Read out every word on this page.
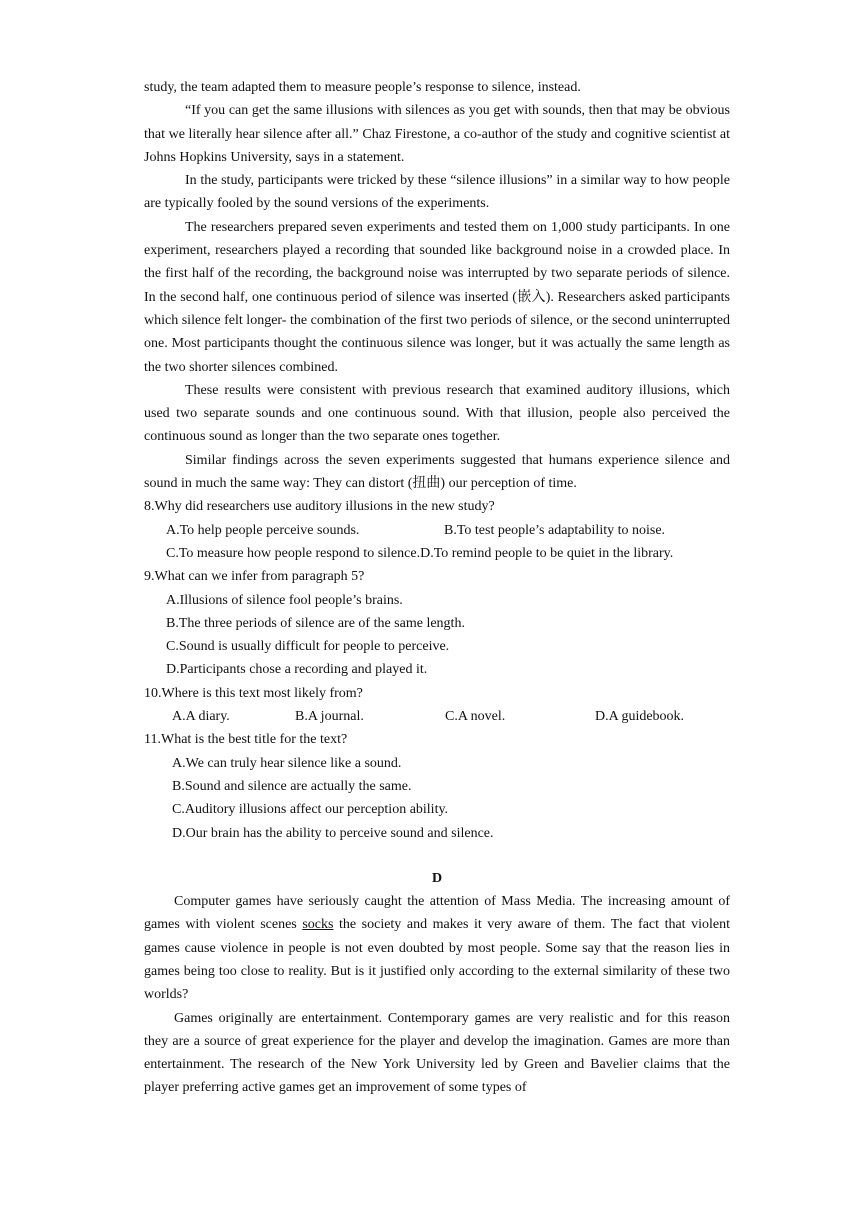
study, the team adapted them to measure people’s response to silence, instead.

“If you can get the same illusions with silences as you get with sounds, then that may be obvious that we literally hear silence after all.” Chaz Firestone, a co-author of the study and cognitive scientist at Johns Hopkins University, says in a statement.

In the study, participants were tricked by these “silence illusions” in a similar way to how people are typically fooled by the sound versions of the experiments.

The researchers prepared seven experiments and tested them on 1,000 study participants. In one experiment, researchers played a recording that sounded like background noise in a crowded place. In the first half of the recording, the background noise was interrupted by two separate periods of silence. In the second half, one continuous period of silence was inserted (嵌入). Researchers asked participants which silence felt longer- the combination of the first two periods of silence, or the second uninterrupted one. Most participants thought the continuous silence was longer, but it was actually the same length as the two shorter silences combined.

These results were consistent with previous research that examined auditory illusions, which used two separate sounds and one continuous sound. With that illusion, people also perceived the continuous sound as longer than the two separate ones together.

Similar findings across the seven experiments suggested that humans experience silence and sound in much the same way: They can distort (扭曲) our perception of time.

8.Why did researchers use auditory illusions in the new study?

A.To help people perceive sounds.	B.To test people’s adaptability to noise.
C.To measure how people respond to silence. D.To remind people to be quiet in the library.

9.What can we infer from paragraph 5?

A.Illusions of silence fool people’s brains.

B.The three periods of silence are of the same length.

C.Sound is usually difficult for people to perceive.

D.Participants chose a recording and played it.

10.Where is this text most likely from?

A.A diary.	B.A journal.	C.A novel.	D.A guidebook.

11.What is the best title for the text?

A.We can truly hear silence like a sound.

B.Sound and silence are actually the same.

C.Auditory illusions affect our perception ability.

D.Our brain has the ability to perceive sound and silence.

D

Computer games have seriously caught the attention of Mass Media. The increasing amount of games with violent scenes socks the society and makes it very aware of them. The fact that violent games cause violence in people is not even doubted by most people. Some say that the reason lies in games being too close to reality. But is it justified only according to the external similarity of these two worlds?

Games originally are entertainment. Contemporary games are very realistic and for this reason they are a source of great experience for the player and develop the imagination. Games are more than entertainment. The research of the New York University led by Green and Bavelier claims that the player preferring active games get an improvement of some types of
